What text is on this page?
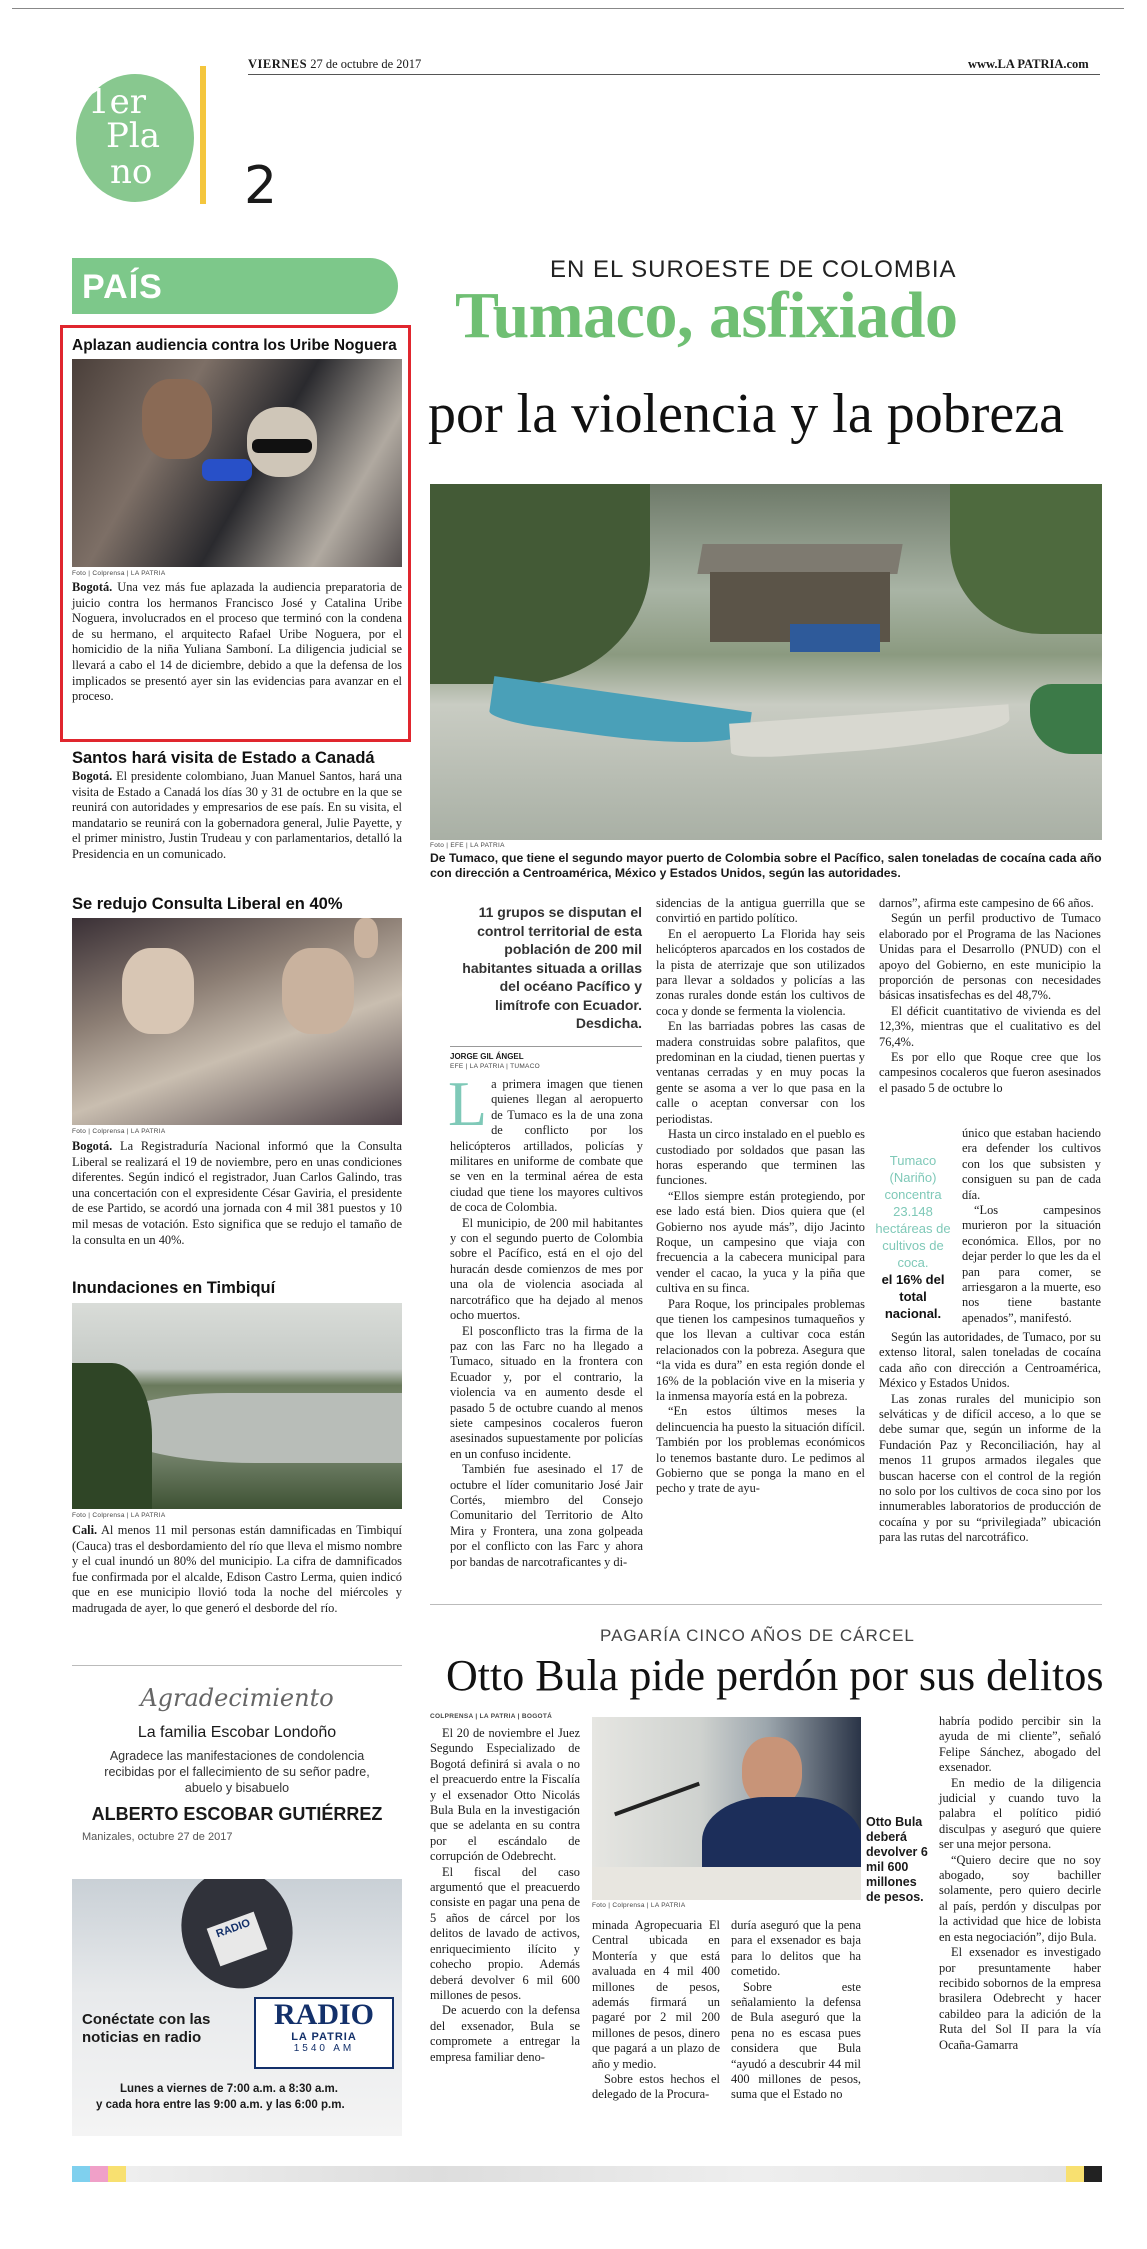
VIERNES 27 de octubre de 2017	www.LA PATRIA.com
1er
Pla
no 2
PAÍS
Aplazan audiencia contra los Uribe Noguera
Foto | Colprensa | LA PATRIA
Bogotá. Una vez más fue aplazada la audiencia preparatoria de juicio contra los hermanos Francisco José y Catalina Uribe Noguera, involucrados en el proceso que terminó con la condena de su hermano, el arquitecto Rafael Uribe Noguera, por el homicidio de la niña Yuliana Samboní. La diligencia judicial se llevará a cabo el 14 de diciembre, debido a que la defensa de los implicados se presentó ayer sin las evidencias para avanzar en el proceso.
Santos hará visita de Estado a Canadá
Bogotá. El presidente colombiano, Juan Manuel Santos, hará una visita de Estado a Canadá los días 30 y 31 de octubre en la que se reunirá con autoridades y empresarios de ese país. En su visita, el mandatario se reunirá con la gobernadora general, Julie Payette, y el primer ministro, Justin Trudeau y con parlamentarios, detalló la Presidencia en un comunicado.
Se redujo Consulta Liberal en 40%
Foto | Colprensa | LA PATRIA
Bogotá. La Registraduría Nacional informó que la Consulta Liberal se realizará el 19 de noviembre, pero en unas condiciones diferentes. Según indicó el registrador, Juan Carlos Galindo, tras una concertación con el expresidente César Gaviria, el presidente de ese Partido, se acordó una jornada con 4 mil 381 puestos y 10 mil mesas de votación. Esto significa que se redujo el tamaño de la consulta en un 40%.
Inundaciones en Timbiquí
Foto | Colprensa | LA PATRIA
Cali. Al menos 11 mil personas están damnificadas en Timbiquí (Cauca) tras el desbordamiento del río que lleva el mismo nombre y el cual inundó un 80% del municipio. La cifra de damnificados fue confirmada por el alcalde, Edison Castro Lerma, quien indicó que en ese municipio llovió toda la noche del miércoles y madrugada de ayer, lo que generó el desborde del río.
Agradecimiento
La familia Escobar Londoño
Agradece las manifestaciones de condolencia recibidas por el fallecimiento de su señor padre, abuelo y bisabuelo
ALBERTO ESCOBAR GUTIÉRREZ
Manizales, octubre 27 de 2017
RADIO
Conéctate con las
noticias en radio
RADIO
LA PATRIA
1540 AM
Lunes a viernes de 7:00 a.m. a 8:30 a.m.
y cada hora entre las 9:00 a.m. y las 6:00 p.m.
EN EL SUROESTE DE COLOMBIA
Tumaco, asfixiado
por la violencia y la pobreza
Foto | EFE | LA PATRIA
De Tumaco, que tiene el segundo mayor puerto de Colombia sobre el Pacífico, salen toneladas de cocaína cada año con dirección a Centroamérica, México y Estados Unidos, según las autoridades.
11 grupos se disputan el control territorial de esta población de 200 mil habitantes situada a orillas del océano Pacífico y limítrofe con Ecuador. Desdicha.
JORGE GIL ÁNGEL
EFE | LA PATRIA | TUMACO

La primera imagen que tienen quienes llegan al aeropuerto de Tumaco es la de una zona de conflicto por los helicópteros artillados, policías y militares en uniforme de combate que se ven en la terminal aérea de esta ciudad que tiene los mayores cultivos de coca de Colombia.

El municipio, de 200 mil habitantes y con el segundo puerto de Colombia sobre el Pacífico, está en el ojo del huracán desde comienzos de mes por una ola de violencia asociada al narcotráfico que ha dejado al menos ocho muertos.

El posconflicto tras la firma de la paz con las Farc no ha llegado a Tumaco, situado en la frontera con Ecuador y, por el contrario, la violencia va en aumento desde el pasado 5 de octubre cuando al menos siete campesinos cocaleros fueron asesinados supuestamente por policías en un confuso incidente.

También fue asesinado el 17 de octubre el líder comunitario José Jair Cortés, miembro del Consejo Comunitario del Territorio de Alto Mira y Frontera, una zona golpeada por el conflicto con las Farc y ahora por bandas de narcotraficantes y di-

sidencias de la antigua guerrilla que se convirtió en partido político.

En el aeropuerto La Florida hay seis helicópteros aparcados en los costados de la pista de aterrizaje que son utilizados para llevar a soldados y policías a las zonas rurales donde están los cultivos de coca y donde se fermenta la violencia.

En las barriadas pobres las casas de madera construidas sobre palafitos, que predominan en la ciudad, tienen puertas y ventanas cerradas y en muy pocas la gente se asoma a ver lo que pasa en la calle o aceptan conversar con los periodistas.

Hasta un circo instalado en el pueblo es custodiado por soldados que pasan las horas esperando que terminen las funciones.

“Ellos siempre están protegiendo, por ese lado está bien. Dios quiera que (el Gobierno nos ayude más”, dijo Jacinto Roque, un campesino que viaja con frecuencia a la cabecera municipal para vender el cacao, la yuca y la piña que cultiva en su finca.

Para Roque, los principales problemas que tienen los campesinos tumaqueños y que los llevan a cultivar coca están relacionados con la pobreza. Asegura que “la vida es dura” en esta región donde el 16% de la población vive en la miseria y la inmensa mayoría está en la pobreza.

“En estos últimos meses la delincuencia ha puesto la situación difícil. También por los problemas económicos lo tenemos bastante duro. Le pedimos al Gobierno que se ponga la mano en el pecho y trate de ayu-

darnos”, afirma este campesino de 66 años.

Según un perfil productivo de Tumaco elaborado por el Programa de las Naciones Unidas para el Desarrollo (PNUD) con el apoyo del Gobierno, en este municipio la proporción de personas con necesidades básicas insatisfechas es del 48,7%.

El déficit cuantitativo de vivienda es del 12,3%, mientras que el cualitativo es del 76,4%.

Es por ello que Roque cree que los campesinos cocaleros que fueron asesinados el pasado 5 de octubre lo

único que estaban haciendo era defender los cultivos con los que subsisten y consiguen su pan de cada día.

“Los campesinos murieron por la situación económica. Ellos, por no dejar perder lo que les da el pan para comer, se arriesgaron a la muerte, eso nos tiene bastante apenados”, manifestó.

Según las autoridades, de Tumaco, por su extenso litoral, salen toneladas de cocaína cada año con dirección a Centroamérica, México y Estados Unidos.

Las zonas rurales del municipio son selváticas y de difícil acceso, a lo que se debe sumar que, según un informe de la Fundación Paz y Reconciliación, hay al menos 11 grupos armados ilegales que buscan hacerse con el control de la región no solo por los cultivos de coca sino por los innumerables laboratorios de producción de cocaína y por su “privilegiada” ubicación para las rutas del narcotráfico.

Tumaco (Nariño) concentra 23.148 hectáreas de cultivos de coca.
el 16% del total nacional.
PAGARÍA CINCO AÑOS DE CÁRCEL
Otto Bula pide perdón por sus delitos
COLPRENSA | LA PATRIA | BOGOTÁ

El 20 de noviembre el Juez Segundo Especializado de Bogotá definirá si avala o no el preacuerdo entre la Fiscalía y el exsenador Otto Nicolás Bula Bula en la investigación que se adelanta en su contra por el escándalo de corrupción de Odebrecht.

El fiscal del caso argumentó que el preacuerdo consiste en pagar una pena de 5 años de cárcel por los delitos de lavado de activos, enriquecimiento ilícito y cohecho propio. Además deberá devolver 6 mil 600 millones de pesos.

De acuerdo con la defensa del exsenador, Bula se compromete a entregar la empresa familiar deno-

Foto | Colprensa | LA PATRIA
Otto Bula deberá devolver 6 mil 600 millones de pesos.

minada Agropecuaria El Central ubicada en Montería y que está avaluada en 4 mil 400 millones de pesos, además firmará un pagaré por 2 mil 200 millones de pesos, dinero que pagará a un plazo de año y medio.

Sobre estos hechos el delegado de la Procura-

duría aseguró que la pena para el exsenador es baja para lo delitos que ha cometido.

Sobre este señalamiento la defensa de Bula aseguró que la pena no es escasa pues considera que Bula “ayudó a descubrir 44 mil 400 millones de pesos, suma que el Estado no

habría podido percibir sin la ayuda de mi cliente”, señaló Felipe Sánchez, abogado del exsenador.

En medio de la diligencia judicial y cuando tuvo la palabra el político pidió disculpas y aseguró que quiere ser una mejor persona.

“Quiero decire que no soy abogado, soy bachiller solamente, pero quiero decirle al país, perdón y disculpas por la actividad que hice de lobista en esta negociación”, dijo Bula.

El exsenador es investigado por presuntamente haber recibido sobornos de la empresa brasilera Odebrecht y hacer cabildeo para la adición de la Ruta del Sol II para la vía Ocaña-Gamarra
